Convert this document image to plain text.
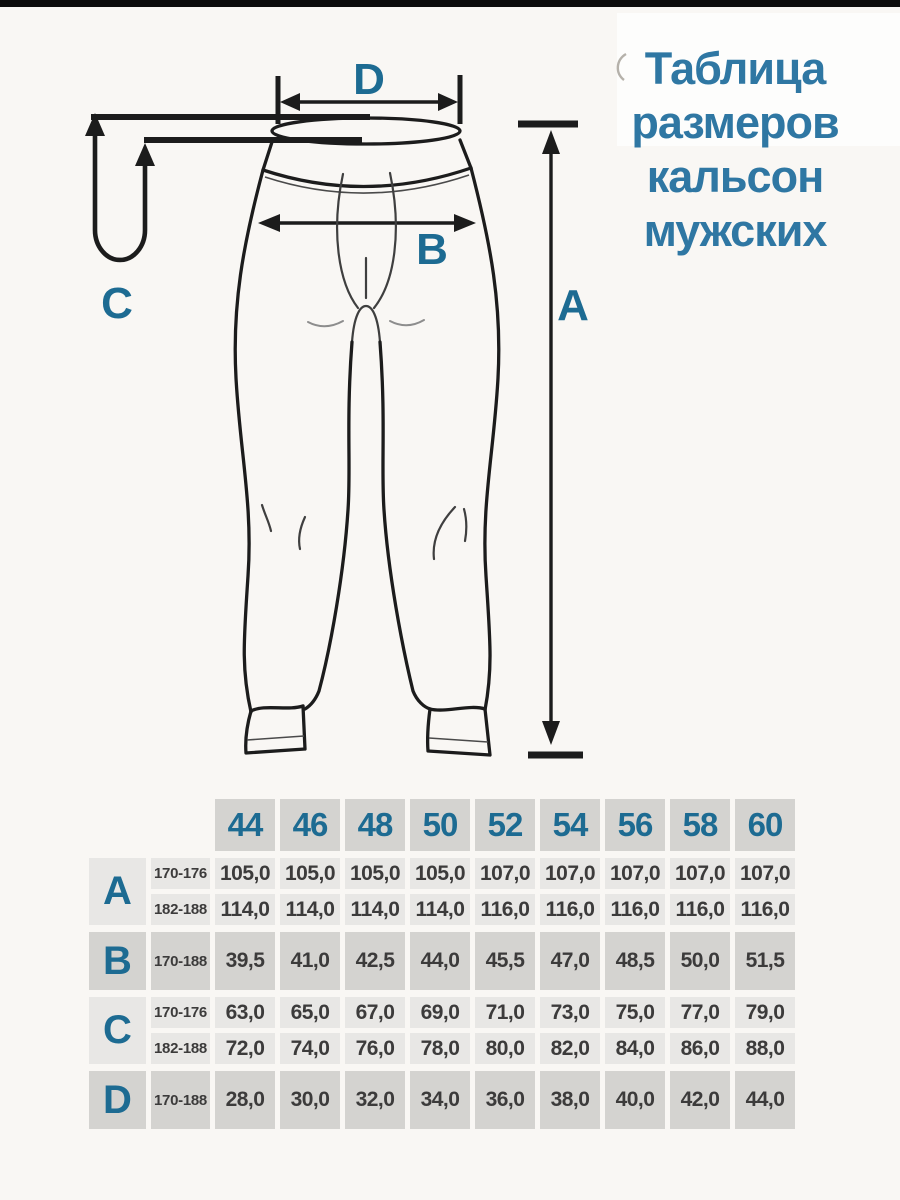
Таблица
размеров
кальсон
мужских
C
D
A
B
44 46 48 50 52 54 56 58 60
A	170-176 105,0 105,0 105,0 105,0 107,0 107,0 107,0 107,0 107,0
182-188 114,0 114,0 114,0 114,0 116,0 116,0 116,0 116,0 116,0
B	170-188 39,5	41,0	42,5	44,0	45,5	47,0	48,5	50,0	51,5
C	170-176 63,0	65,0	67,0	69,0	71,0	73,0	75,0	77,0	79,0
182-188 72,0	74,0	76,0	78,0	80,0	82,0	84,0	86,0	88,0
D	170-188 28,0	30,0	32,0	34,0	36,0	38,0	40,0	42,0	44,0
